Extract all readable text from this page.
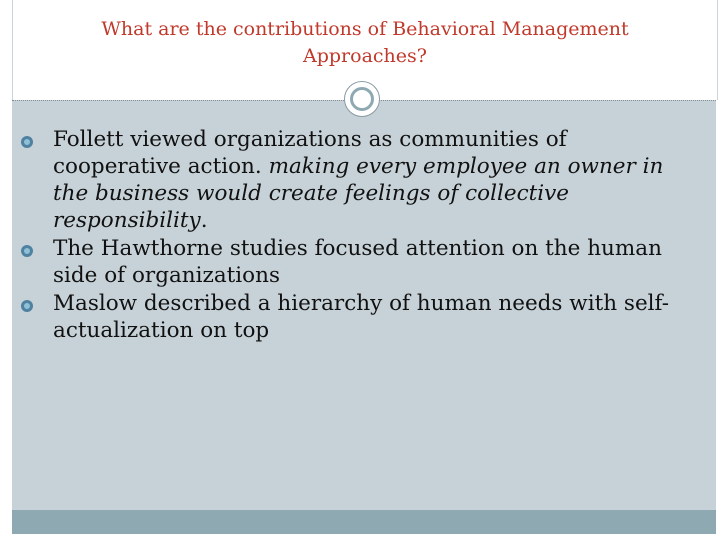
What are the contributions of Behavioral Management Approaches?
Follett viewed organizations as communities of cooperative action. making every employee an owner in the business would create feelings of collective responsibility.
The Hawthorne studies focused attention on the human side of organizations
Maslow described a hierarchy of human needs with self-actualization on top
